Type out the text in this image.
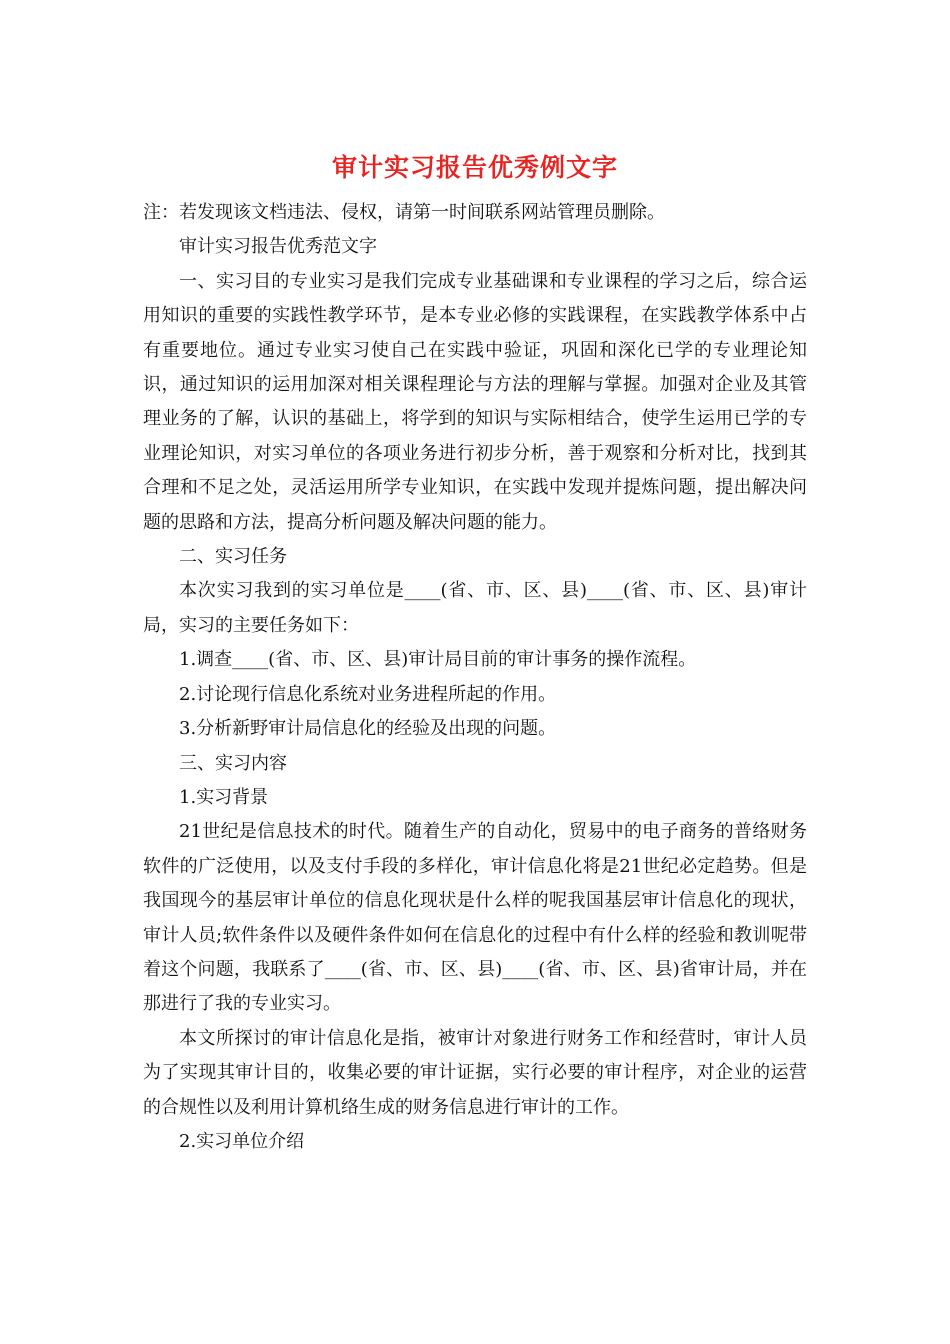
审计实习报告优秀例文字

注：若发现该文档违法、侵权，请第一时间联系网站管理员删除。

审计实习报告优秀范文字

一、实习目的专业实习是我们完成专业基础课和专业课程的学习之后，综合运用知识的重要的实践性教学环节，是本专业必修的实践课程，在实践教学体系中占有重要地位。通过专业实习使自己在实践中验证，巩固和深化已学的专业理论知识，通过知识的运用加深对相关课程理论与方法的理解与掌握。加强对企业及其管理业务的了解，认识的基础上，将学到的知识与实际相结合，使学生运用已学的专业理论知识，对实习单位的各项业务进行初步分析，善于观察和分析对比，找到其合理和不足之处，灵活运用所学专业知识，在实践中发现并提炼问题，提出解决问题的思路和方法，提高分析问题及解决问题的能力。

二、实习任务

本次实习我到的实习单位是____(省、市、区、县)____(省、市、区、县)审计局，实习的主要任务如下：

1.调查____(省、市、区、县)审计局目前的审计事务的操作流程。

2.讨论现行信息化系统对业务进程所起的作用。

3.分析新野审计局信息化的经验及出现的问题。

三、实习内容

1.实习背景

21世纪是信息技术的时代。随着生产的自动化，贸易中的电子商务的普络财务软件的广泛使用，以及支付手段的多样化，审计信息化将是21世纪必定趋势。但是我国现今的基层审计单位的信息化现状是什么样的呢我国基层审计信息化的现状，审计人员;软件条件以及硬件条件如何在信息化的过程中有什么样的经验和教训呢带着这个问题，我联系了____(省、市、区、县)____(省、市、区、县)省审计局，并在那进行了我的专业实习。

本文所探讨的审计信息化是指，被审计对象进行财务工作和经营时，审计人员为了实现其审计目的，收集必要的审计证据，实行必要的审计程序，对企业的运营的合规性以及利用计算机络生成的财务信息进行审计的工作。

2.实习单位介绍
